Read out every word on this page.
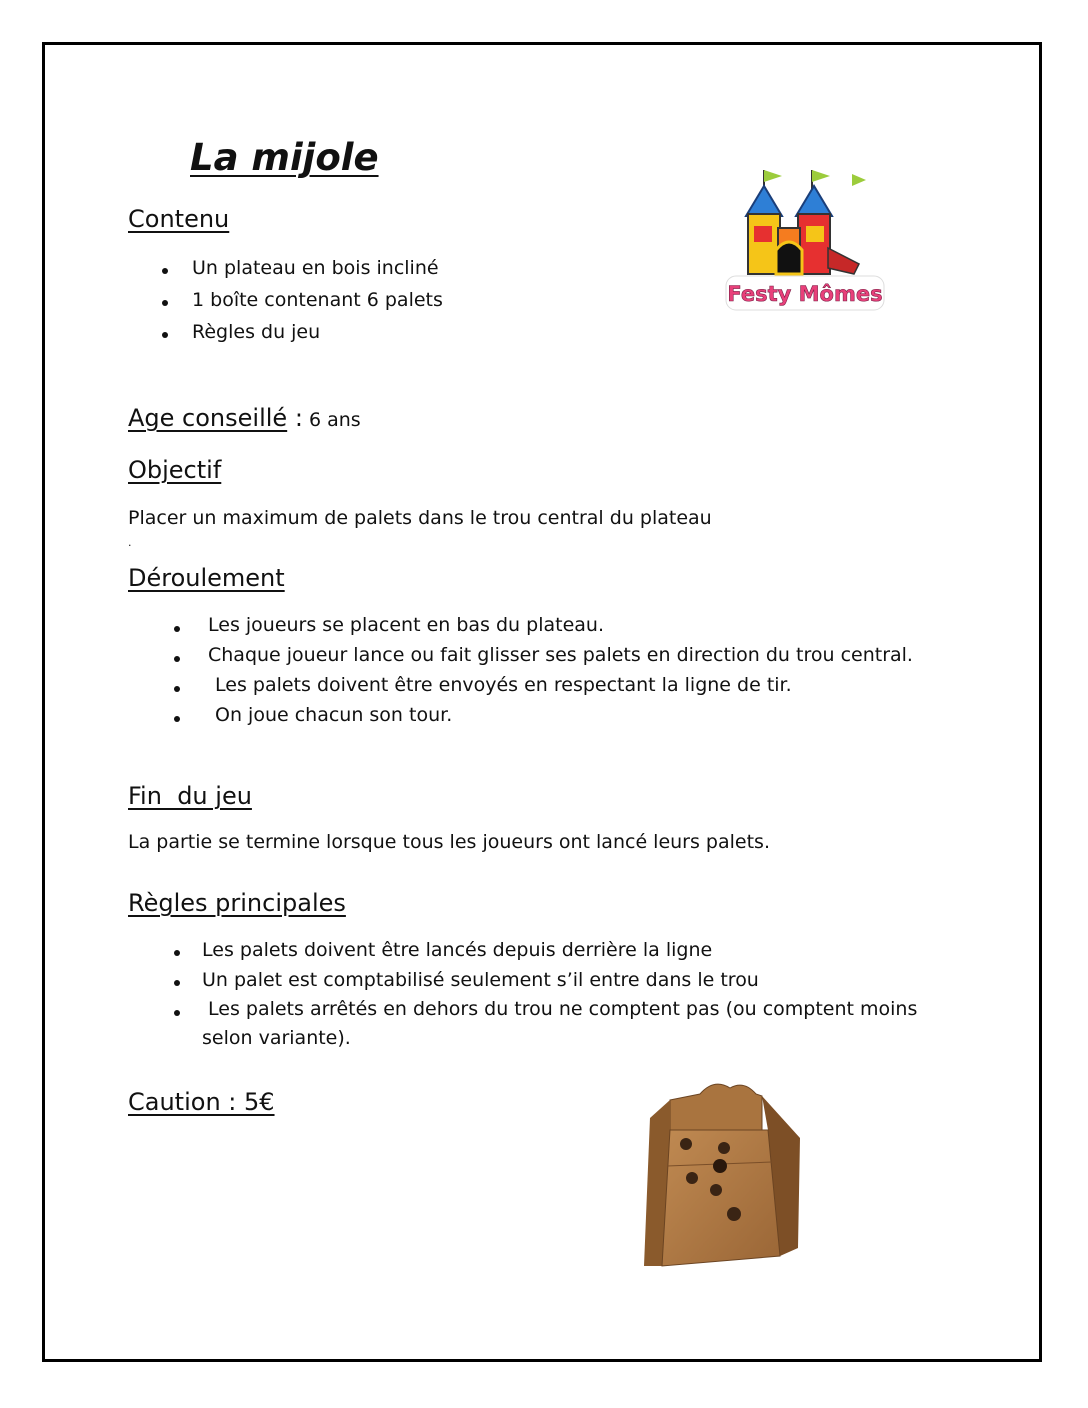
La mijole
Festy Mômes
Contenu
Un plateau en bois incliné
1 boîte contenant 6 palets
Règles du jeu
Age conseillé : 6 ans
Objectif
Placer un maximum de palets dans le trou central du plateau
.
Déroulement
Les joueurs se placent en bas du plateau.
Chaque joueur lance ou fait glisser ses palets en direction du trou central.
Les palets doivent être envoyés en respectant la ligne de tir.
On joue chacun son tour.
Fin  du jeu
La partie se termine lorsque tous les joueurs ont lancé leurs palets.
Règles principales
Les palets doivent être lancés depuis derrière la ligne
Un palet est comptabilisé seulement s’il entre dans le trou
Les palets arrêtés en dehors du trou ne comptent pas (ou comptent moins
selon variante).
Caution : 5€
